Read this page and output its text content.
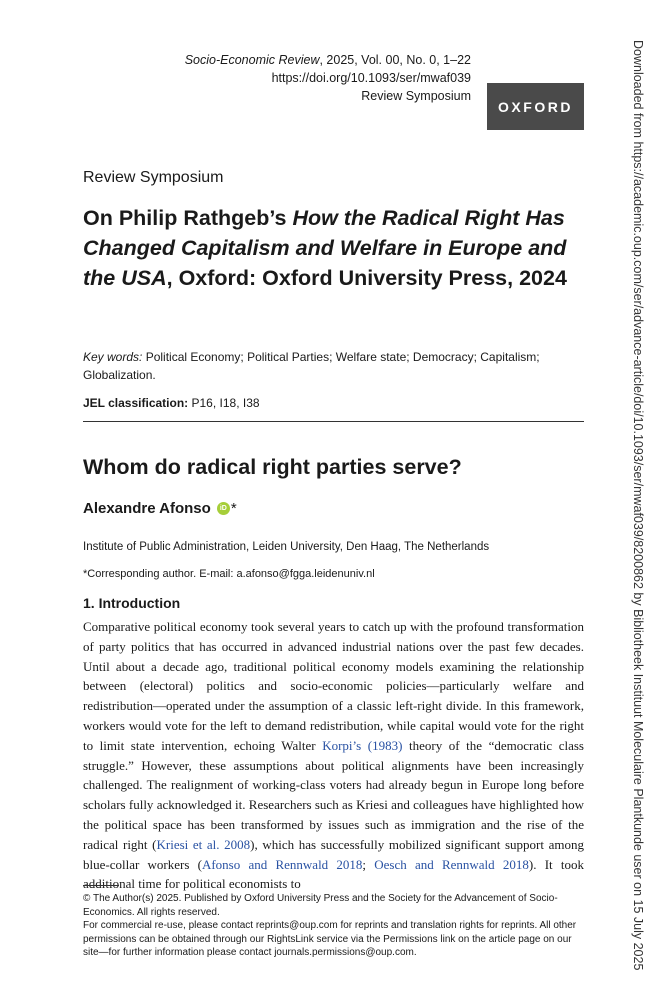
Socio-Economic Review, 2025, Vol. 00, No. 0, 1–22
https://doi.org/10.1093/ser/mwaf039
Review Symposium
OXFORD
Review Symposium
On Philip Rathgeb’s How the Radical Right Has Changed Capitalism and Welfare in Europe and the USA, Oxford: Oxford University Press, 2024
Key words: Political Economy; Political Parties; Welfare state; Democracy; Capitalism; Globalization.
JEL classification: P16, I18, I38
Whom do radical right parties serve?
Alexandre Afonso	iD *
Institute of Public Administration, Leiden University, Den Haag, The Netherlands
*Corresponding author. E-mail: a.afonso@fgga.leidenuniv.nl
1. Introduction

Comparative political economy took several years to catch up with the profound transformation of party politics that has occurred in advanced industrial nations over the past few decades. Until about a decade ago, traditional political economy models examining the relationship between (electoral) politics and socio-economic policies—particularly welfare and redistribution—operated under the assumption of a classic left-right divide. In this framework, workers would vote for the left to demand redistribution, while capital would vote for the right to limit state intervention, echoing Walter Korpi’s (1983) theory of the “democratic class struggle.” However, these assumptions about political alignments have been increasingly challenged. The realignment of working-class voters had already begun in Europe long before scholars fully acknowledged it. Researchers such as Kriesi and colleagues have highlighted how the political space has been transformed by issues such as immigration and the rise of the radical right (Kriesi et al. 2008), which has successfully mobilized significant support among blue-collar workers (Afonso and Rennwald 2018; Oesch and Rennwald 2018). It took additional time for political economists to

© The Author(s) 2025. Published by Oxford University Press and the Society for the Advancement of Socio-Economics. All rights reserved.

For commercial re-use, please contact reprints@oup.com for reprints and translation rights for reprints. All other permissions can be obtained through our RightsLink service via the Permissions link on the article page on our site—for further information please contact journals.permissions@oup.com.	Downloaded from https://academic.oup.com/ser/advance-article/doi/10.1093/ser/mwaf039/8200862 by Bibliotheek Instituut Moleculaire Plantkunde user on 15 July 2025
